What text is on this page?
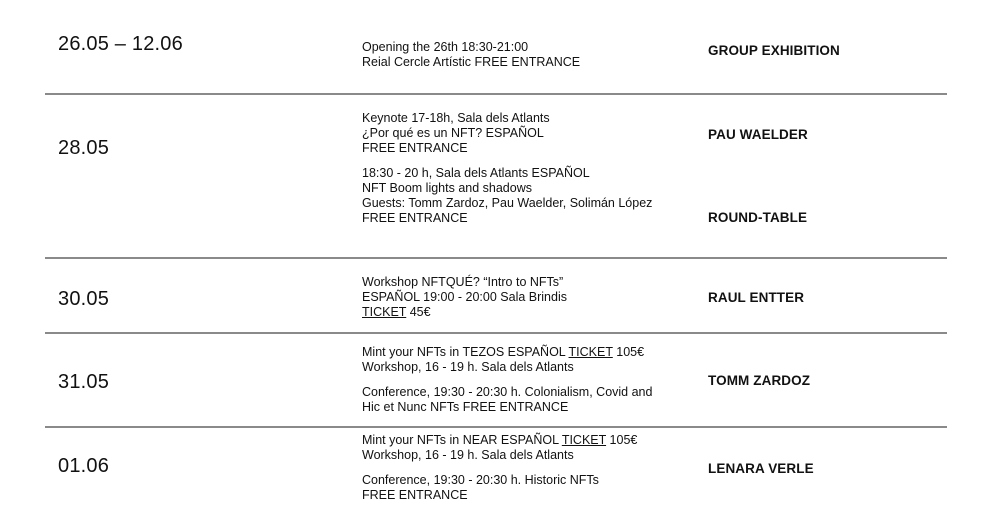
26.05 – 12.06	Opening the 26th 18:30-21:00
Reial Cercle Artístic FREE ENTRANCE
GROUP EXHIBITION
28.05
Keynote 17-18h, Sala dels Atlants
¿Por qué es un NFT? ESPAÑOL
FREE ENTRANCE
18:30 - 20 h, Sala dels Atlants ESPAÑOL
NFT Boom lights and shadows
Guests: Tomm Zardoz, Pau Waelder, Solimán López
FREE ENTRANCE
PAU WAELDER
ROUND-TABLE
30.05
Workshop NFTQUÉ? “Intro to NFTs”
ESPAÑOL 19:00 - 20:00 Sala Brindis
TICKET 45€
RAUL ENTTER
31.05
Mint your NFTs in TEZOS ESPAÑOL TICKET 105€
Workshop, 16 - 19 h. Sala dels Atlants
Conference, 19:30 - 20:30 h. Colonialism, Covid and
Hic et Nunc NFTs FREE ENTRANCE
TOMM ZARDOZ
01.06
Mint your NFTs in NEAR ESPAÑOL TICKET 105€
Workshop, 16 - 19 h. Sala dels Atlants
Conference, 19:30 - 20:30 h. Historic NFTs
FREE ENTRANCE
LENARA VERLE
